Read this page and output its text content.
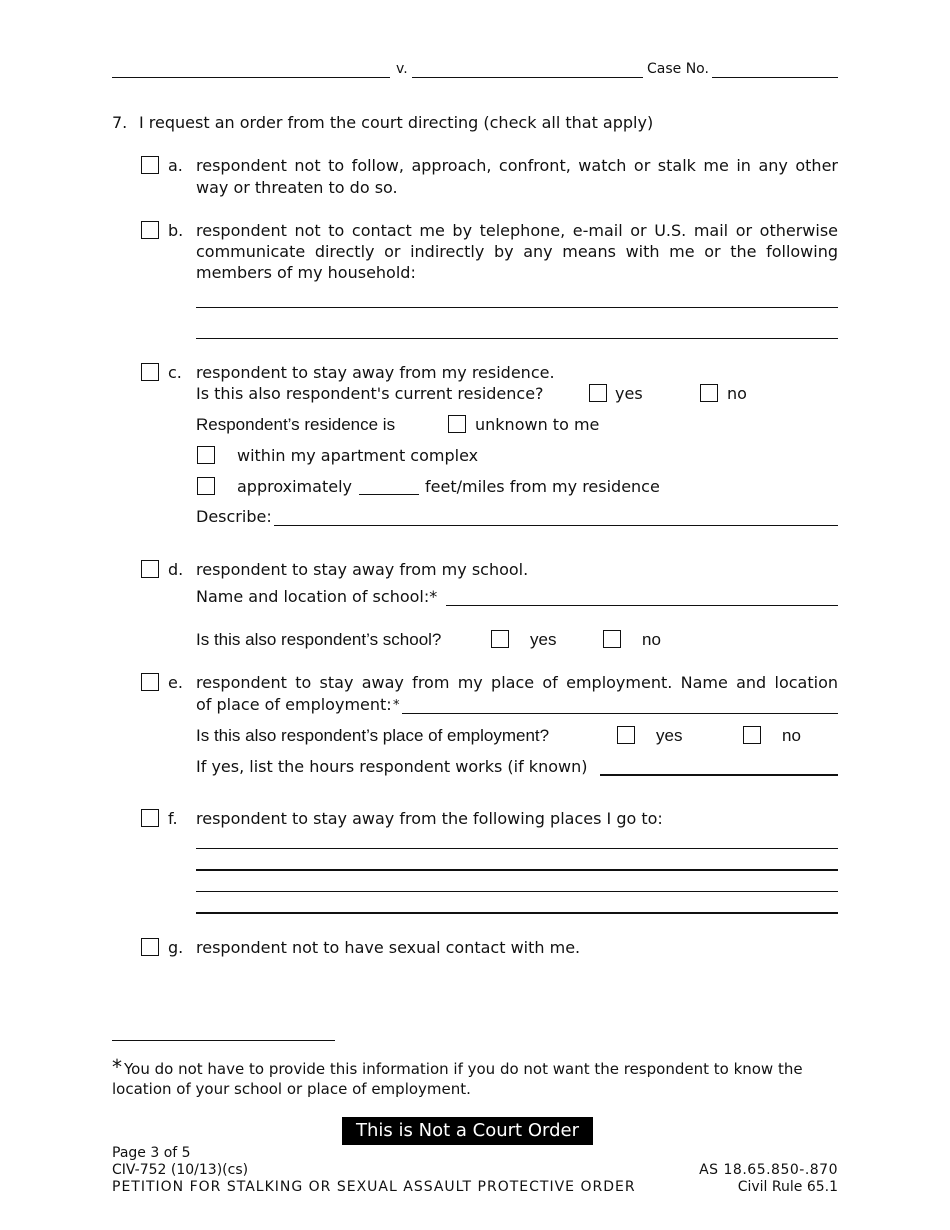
v.	Case No.
7. I request an order from the court directing (check all that apply)
a. respondent not to follow, approach, confront, watch or stalk me in any other
way or threaten to do so.
b. respondent not to contact me by telephone, e-mail or U.S. mail or otherwise
communicate directly or indirectly by any means with me or the following
members of my household:
c. respondent to stay away from my residence.
Is this also respondent's current residence?	yes	no
Respondent’s residence is	unknown to me
within my apartment complex
approximately	feet/miles from my residence
Describe:
d. respondent to stay away from my school.
Name and location of school:*
Is this also respondent’s school?	yes	no
e. respondent to stay away from my place of employment. Name and location
of place of employment: *
Is this also respondent’s place of employment?	yes	no
If yes, list the hours respondent works (if known)
f. respondent to stay away from the following places I go to:
g. respondent not to have sexual contact with me.
* You do not have to provide this information if you do not want the respondent to know the
location of your school or place of employment.
This is Not a Court Order
Page 3 of 5
CIV-752 (10/13)(cs)
PETITION FOR STALKING OR SEXUAL ASSAULT PROTECTIVE ORDER
AS 18.65.850-.870
Civil Rule 65.1
